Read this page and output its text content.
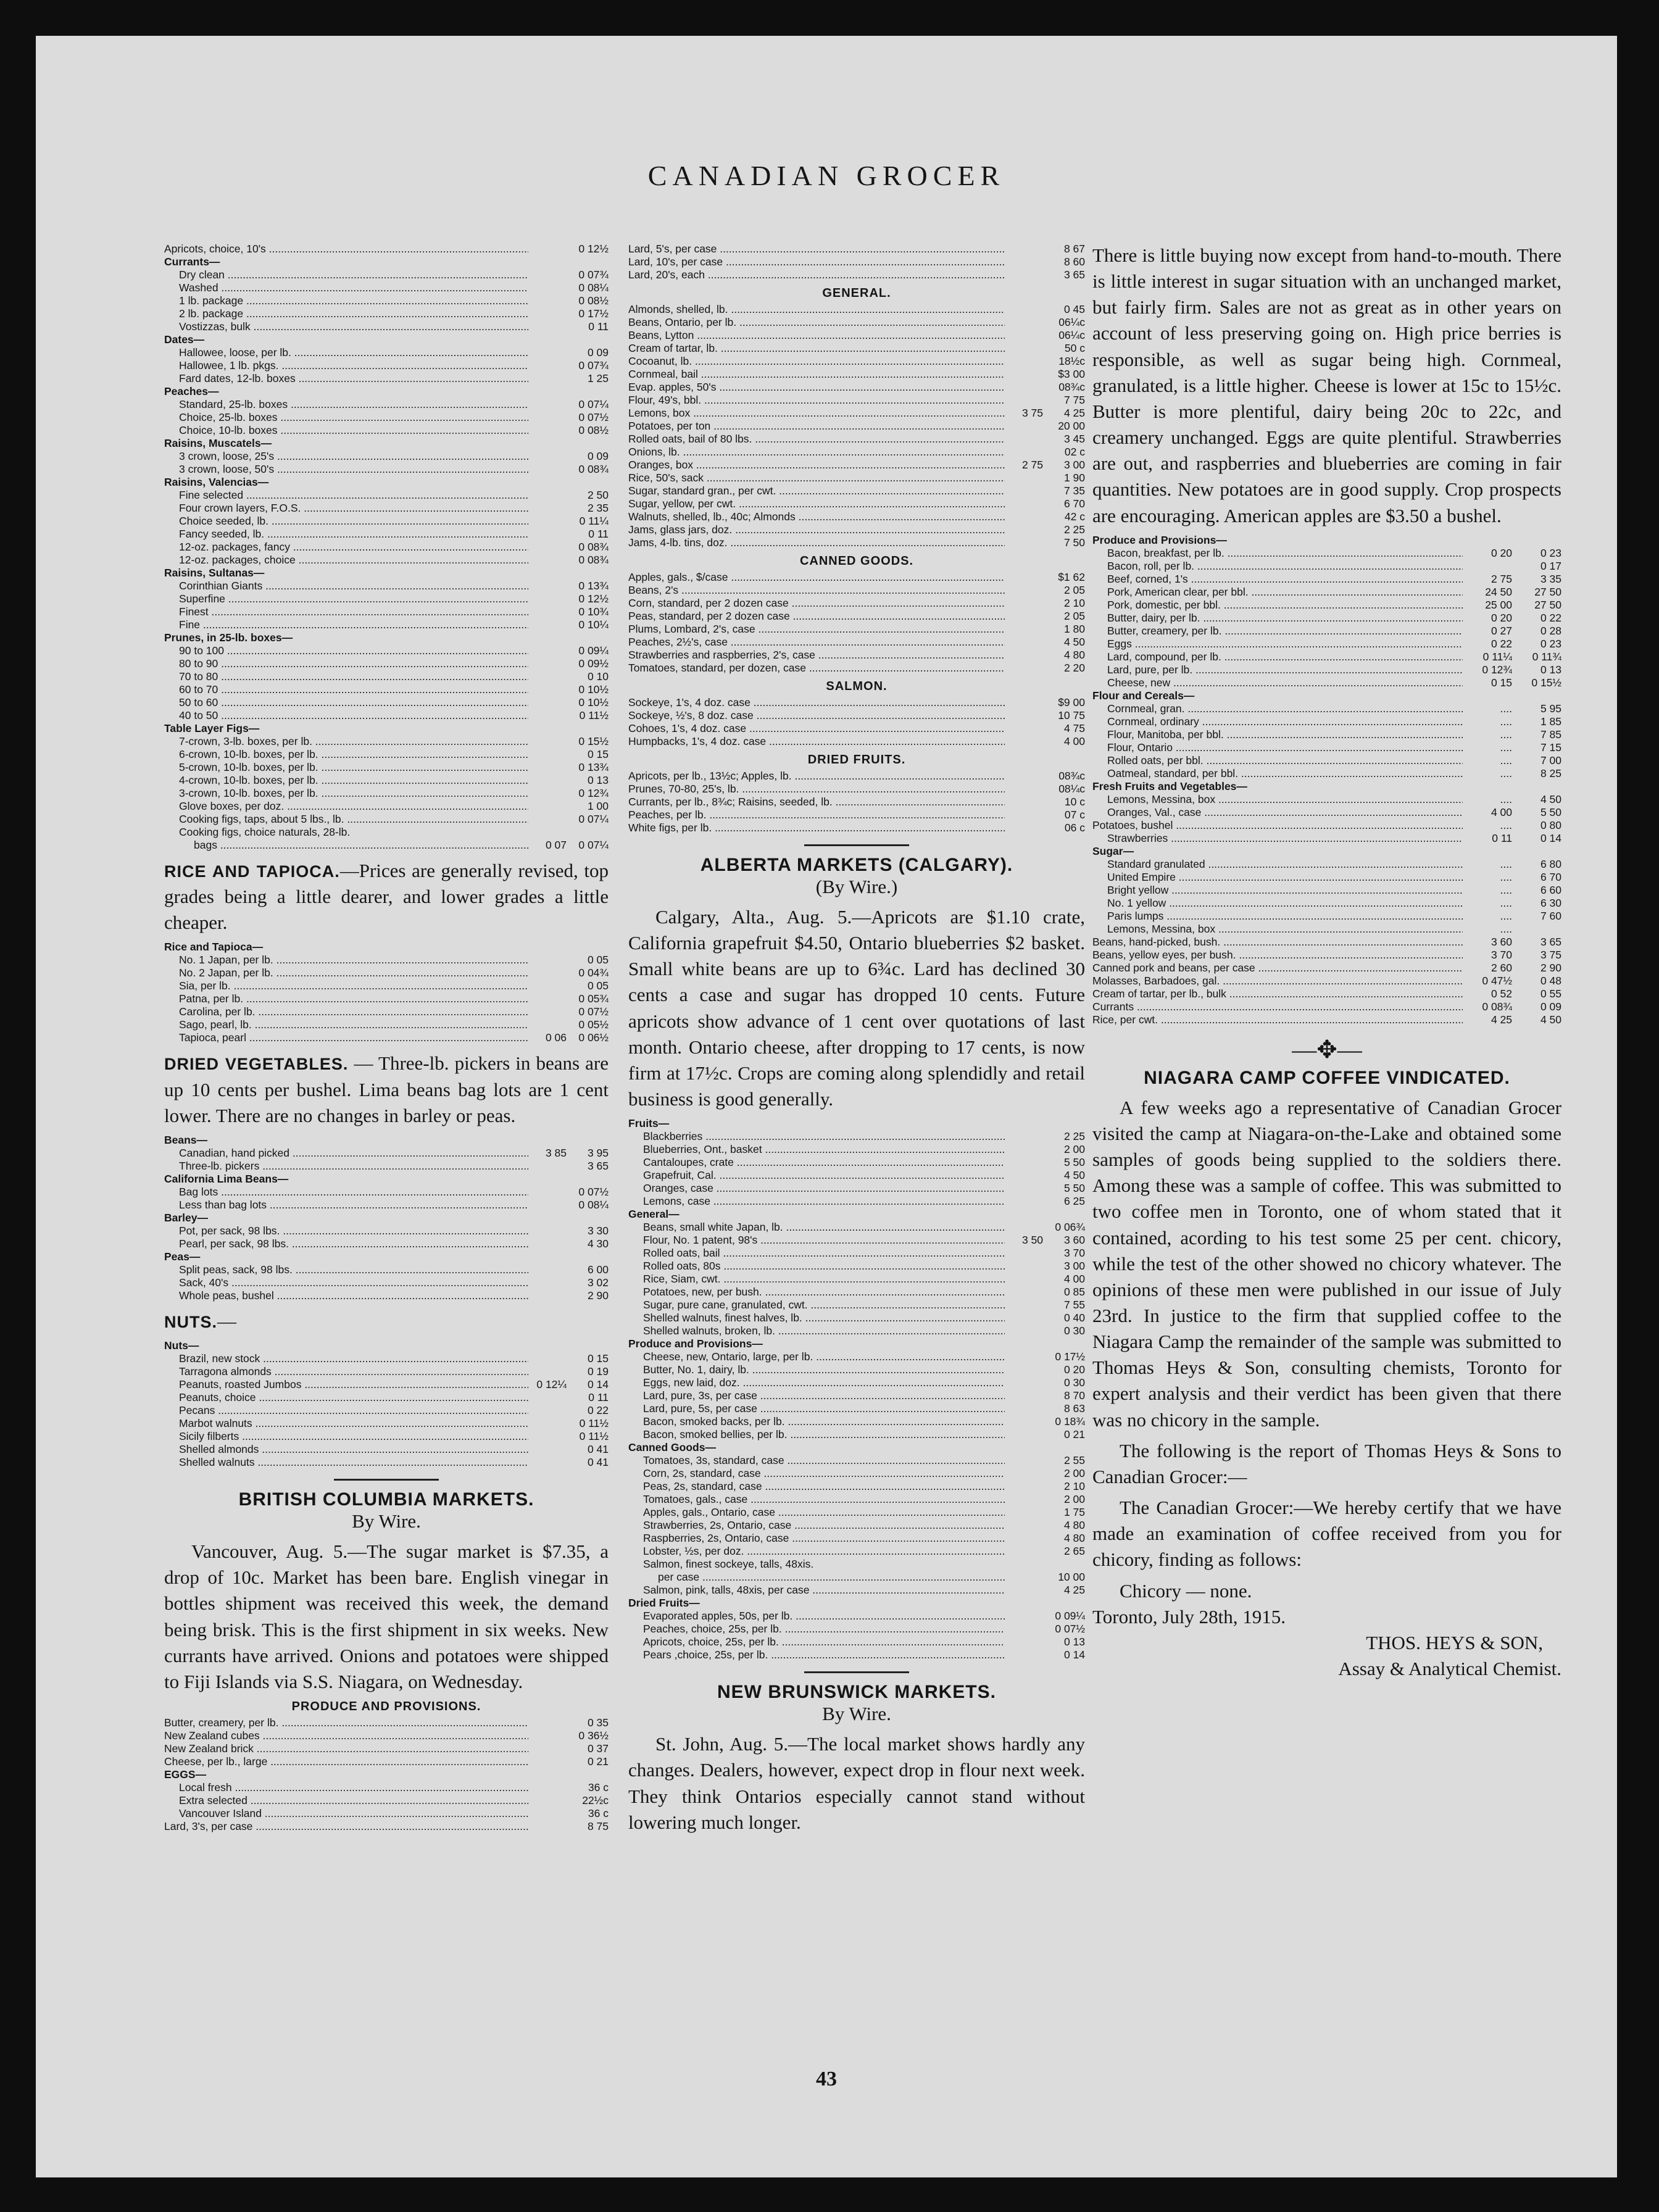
CANADIAN GROCER
Apricots, choice, 10's .....		0 12½
Currants—		
Dry clean .....		0 07¾
Washed .....		0 08¼
1 lb. package .....		0 08½
2 lb. package .....		0 17½
Vostizzas, bulk .....		0 11
Dates—		
Hallowee, loose, per lb. .....		0 09
Hallowee, 1 lb. pkgs. .....		0 07¾
Fard dates, 12-lb. boxes .....		1 25
Peaches—		
Standard, 25-lb. boxes .....		0 07¼
Choice, 25-lb. boxes .....		0 07½
Choice, 10-lb. boxes .....		0 08½
Raisins, Muscatels—		
3 crown, loose, 25's .....		0 09
3 crown, loose, 50's .....		0 08¾
Raisins, Valencias—		
Fine selected .....		2 50
Four crown layers, F.O.S. .....		2 35
Choice seeded, lb. .....		0 11¼
Fancy seeded, lb. .....		0 11
12-oz. packages, fancy .....		0 08¾
12-oz. packages, choice .....		0 08¾
Raisins, Sultanas—		
Corinthian Giants .....		0 13¾
Superfine .....		0 12½
Finest .....		0 10¾
Fine .....		0 10¼
Prunes, in 25-lb. boxes—		
90 to 100 .....		0 09¼
80 to 90 .....		0 09½
70 to 80 .....		0 10
60 to 70 .....		0 10½
50 to 60 .....		0 10½
40 to 50 .....		0 11½
Table Layer Figs—		
7-crown, 3-lb. boxes, per lb. .....		0 15½
6-crown, 10-lb. boxes, per lb. .....		0 15
5-crown, 10-lb. boxes, per lb. .....		0 13¾
4-crown, 10-lb. boxes, per lb. .....		0 13
3-crown, 10-lb. boxes, per lb. .....		0 12¾
Glove boxes, per doz. .....		1 00
Cooking figs, taps, about 5 lbs., lb. .....		0 07¼
Cooking figs, choice naturals, 28-lb.		
bags .....	0 07	0 07¼

RICE AND TAPIOCA.—Prices are generally revised, top grades being a little dearer, and lower grades a little cheaper.

Rice and Tapioca—		
No. 1 Japan, per lb. .....		0 05
No. 2 Japan, per lb. .....		0 04¾
Sia, per lb. .....		0 05
Patna, per lb. .....		0 05¾
Carolina, per lb. .....		0 07½
Sago, pearl, lb. .....		0 05½
Tapioca, pearl .....	0 06	0 06½

DRIED VEGETABLES. — Three-lb. pickers in beans are up 10 cents per bushel. Lima beans bag lots are 1 cent lower. There are no changes in barley or peas.

Beans—		
Canadian, hand picked .....	3 85	3 95
Three-lb. pickers .....		3 65
California Lima Beans—		
Bag lots .....		0 07½
Less than bag lots .....		0 08¼
Barley—		
Pot, per sack, 98 lbs. .....		3 30
Pearl, per sack, 98 lbs. .....		4 30
Peas—		
Split peas, sack, 98 lbs. .....		6 00
Sack, 40's .....		3 02
Whole peas, bushel .....		2 90

NUTS.—

Nuts—		
Brazil, new stock .....		0 15
Tarragona almonds .....		0 19
Peanuts, roasted Jumbos .....	0 12¼	0 14
Peanuts, choice .....		0 11
Pecans .....		0 22
Marbot walnuts .....		0 11½
Sicily filberts .....		0 11½
Shelled almonds .....		0 41
Shelled walnuts .....		0 41
BRITISH COLUMBIA MARKETS.
By Wire.

Vancouver, Aug. 5.—The sugar market is $7.35, a drop of 10c. Market has been bare. English vinegar in bottles shipment was received this week, the demand being brisk. This is the first shipment in six weeks. New currants have arrived. Onions and potatoes were shipped to Fiji Islands via S.S. Niagara, on Wednesday.

PRODUCE AND PROVISIONS.
Butter, creamery, per lb. .....		0 35
New Zealand cubes .....		0 36½
New Zealand brick .....		0 37
Cheese, per lb., large .....		0 21
EGGS—		
Local fresh .....		36 c
Extra selected .....		22½c
Vancouver Island .....		36 c
Lard, 3's, per case .....		8 75
Lard, 5's, per case .....		8 67
Lard, 10's, per case .....		8 60
Lard, 20's, each .....		3 65
GENERAL.
Almonds, shelled, lb. .....		0 45
Beans, Ontario, per lb. .....		06¼c
Beans, Lytton .....		06¼c
Cream of tartar, lb. .....		50 c
Cocoanut, lb. .....		18½c
Cornmeal, bail .....		$3 00
Evap. apples, 50's .....		08¾c
Flour, 49's, bbl. .....		7 75
Lemons, box .....	3 75	4 25
Potatoes, per ton .....		20 00
Rolled oats, bail of 80 lbs. .....		3 45
Onions, lb. .....		02 c
Oranges, box .....	2 75	3 00
Rice, 50's, sack .....		1 90
Sugar, standard gran., per cwt. .....		7 35
Sugar, yellow, per cwt. .....		6 70
Walnuts, shelled, lb., 40c; Almonds .....		42 c
Jams, glass jars, doz. .....		2 25
Jams, 4-lb. tins, doz. .....		7 50
CANNED GOODS.
Apples, gals., $/case .....		$1 62
Beans, 2's .....		2 05
Corn, standard, per 2 dozen case .....		2 10
Peas, standard, per 2 dozen case .....		2 05
Plums, Lombard, 2's, case .....		1 80
Peaches, 2½'s, case .....		4 50
Strawberries and raspberries, 2's, case .....		4 80
Tomatoes, standard, per dozen, case .....		2 20
SALMON.
Sockeye, 1's, 4 doz. case .....		$9 00
Sockeye, ½'s, 8 doz. case .....		10 75
Cohoes, 1's, 4 doz. case .....		4 75
Humpbacks, 1's, 4 doz. case .....		4 00
DRIED FRUITS.
Apricots, per lb., 13½c; Apples, lb. .....		08¾c
Prunes, 70-80, 25's, lb. .....		08¼c
Currants, per lb., 8¾c; Raisins, seeded, lb. .....		10 c
Peaches, per lb. .....		07 c
White figs, per lb. .....		06 c
ALBERTA MARKETS (CALGARY).
(By Wire.)

Calgary, Alta., Aug. 5.—Apricots are $1.10 crate, California grapefruit $4.50, Ontario blueberries $2 basket. Small white beans are up to 6¾c. Lard has declined 30 cents a case and sugar has dropped 10 cents. Future apricots show advance of 1 cent over quotations of last month. Ontario cheese, after dropping to 17 cents, is now firm at 17½c. Crops are coming along splendidly and retail business is good generally.

Fruits—		
Blackberries .....		2 25
Blueberries, Ont., basket .....		2 00
Cantaloupes, crate .....		5 50
Grapefruit, Cal. .....		4 50
Oranges, case .....		5 50
Lemons, case .....		6 25
General—		
Beans, small white Japan, lb. .....		0 06¾
Flour, No. 1 patent, 98's .....	3 50	3 60
Rolled oats, bail .....		3 70
Rolled oats, 80s .....		3 00
Rice, Siam, cwt. .....		4 00
Potatoes, new, per bush. .....		0 85
Sugar, pure cane, granulated, cwt. .....		7 55
Shelled walnuts, finest halves, lb. .....		0 40
Shelled walnuts, broken, lb. .....		0 30
Produce and Provisions—		
Cheese, new, Ontario, large, per lb. .....		0 17½
Butter, No. 1, dairy, lb. .....		0 20
Eggs, new laid, doz. .....		0 30
Lard, pure, 3s, per case .....		8 70
Lard, pure, 5s, per case .....		8 63
Bacon, smoked backs, per lb. .....		0 18¾
Bacon, smoked bellies, per lb. .....		0 21
Canned Goods—		
Tomatoes, 3s, standard, case .....		2 55
Corn, 2s, standard, case .....		2 00
Peas, 2s, standard, case .....		2 10
Tomatoes, gals., case .....		2 00
Apples, gals., Ontario, case .....		1 75
Strawberries, 2s, Ontario, case .....		4 80
Raspberries, 2s, Ontario, case .....		4 80
Lobster, ½s, per doz. .....		2 65
Salmon, finest sockeye, talls, 48xis.		
per case .....		10 00
Salmon, pink, talls, 48xis, per case .....		4 25
Dried Fruits—		
Evaporated apples, 50s, per lb. .....		0 09¼
Peaches, choice, 25s, per lb. .....		0 07½
Apricots, choice, 25s, per lb. .....		0 13
Pears ,choice, 25s, per lb. .....		0 14
NEW BRUNSWICK MARKETS.
By Wire.

St. John, Aug. 5.—The local market shows hardly any changes. Dealers, however, expect drop in flour next week. They think Ontarios especially cannot stand without lowering much longer.

There is little buying now except from hand-to-mouth. There is little interest in sugar situation with an unchanged market, but fairly firm. Sales are not as great as in other years on account of less preserving going on. High price berries is responsible, as well as sugar being high. Cornmeal, granulated, is a little higher. Cheese is lower at 15c to 15½c. Butter is more plentiful, dairy being 20c to 22c, and creamery unchanged. Eggs are quite plentiful. Strawberries are out, and raspberries and blueberries are coming in fair quantities. New potatoes are in good supply. Crop prospects are encouraging. American apples are $3.50 a bushel.

Produce and Provisions—		
Bacon, breakfast, per lb. .....	0 20	0 23
Bacon, roll, per lb. .....		0 17
Beef, corned, 1's .....	2 75	3 35
Pork, American clear, per bbl. .....	24 50	27 50
Pork, domestic, per bbl. .....	25 00	27 50
Butter, dairy, per lb. .....	0 20	0 22
Butter, creamery, per lb. .....	0 27	0 28
Eggs .....	0 22	0 23
Lard, compound, per lb. .....	0 11¼	0 11¾
Lard, pure, per lb. .....	0 12¾	0 13
Cheese, new .....	0 15	0 15½
Flour and Cereals—		
Cornmeal, gran. .....	....	5 95
Cornmeal, ordinary .....	....	1 85
Flour, Manitoba, per bbl. .....	....	7 85
Flour, Ontario .....	....	7 15
Rolled oats, per bbl. .....	....	7 00
Oatmeal, standard, per bbl. .....	....	8 25
Fresh Fruits and Vegetables—		
Lemons, Messina, box .....	....	4 50
Oranges, Val., case .....	4 00	5 50
Potatoes, bushel .....	....	0 80
Strawberries .....	0 11	0 14
Sugar—		
Standard granulated .....	....	6 80
United Empire .....	....	6 70
Bright yellow .....	....	6 60
No. 1 yellow .....	....	6 30
Paris lumps .....	....	7 60
Lemons, Messina, box .....	....	
Beans, hand-picked, bush. .....	3 60	3 65
Beans, yellow eyes, per bush. .....	3 70	3 75
Canned pork and beans, per case .....	2 60	2 90
Molasses, Barbadoes, gal. .....	0 47½	0 48
Cream of tartar, per lb., bulk .....	0 52	0 55
Currants .....	0 08¾	0 09
Rice, per cwt. .....	4 25	4 50
—✥—
NIAGARA CAMP COFFEE VINDICATED.

A few weeks ago a representative of Canadian Grocer visited the camp at Niagara-on-the-Lake and obtained some samples of goods being supplied to the soldiers there. Among these was a sample of coffee. This was submitted to two coffee men in Toronto, one of whom stated that it contained, acording to his test some 25 per cent. chicory, while the test of the other showed no chicory whatever. The opinions of these men were published in our issue of July 23rd. In justice to the firm that supplied coffee to the Niagara Camp the remainder of the sample was submitted to Thomas Heys & Son, consulting chemists, Toronto for expert analysis and their verdict has been given that there was no chicory in the sample.

The following is the report of Thomas Heys & Sons to Canadian Grocer:—

The Canadian Grocer:—We hereby certify that we have made an examination of coffee received from you for chicory, finding as follows:

Chicory — none.

Toronto, July 28th, 1915.

THOS. HEYS & SON,

Assay & Analytical Chemist.

43
